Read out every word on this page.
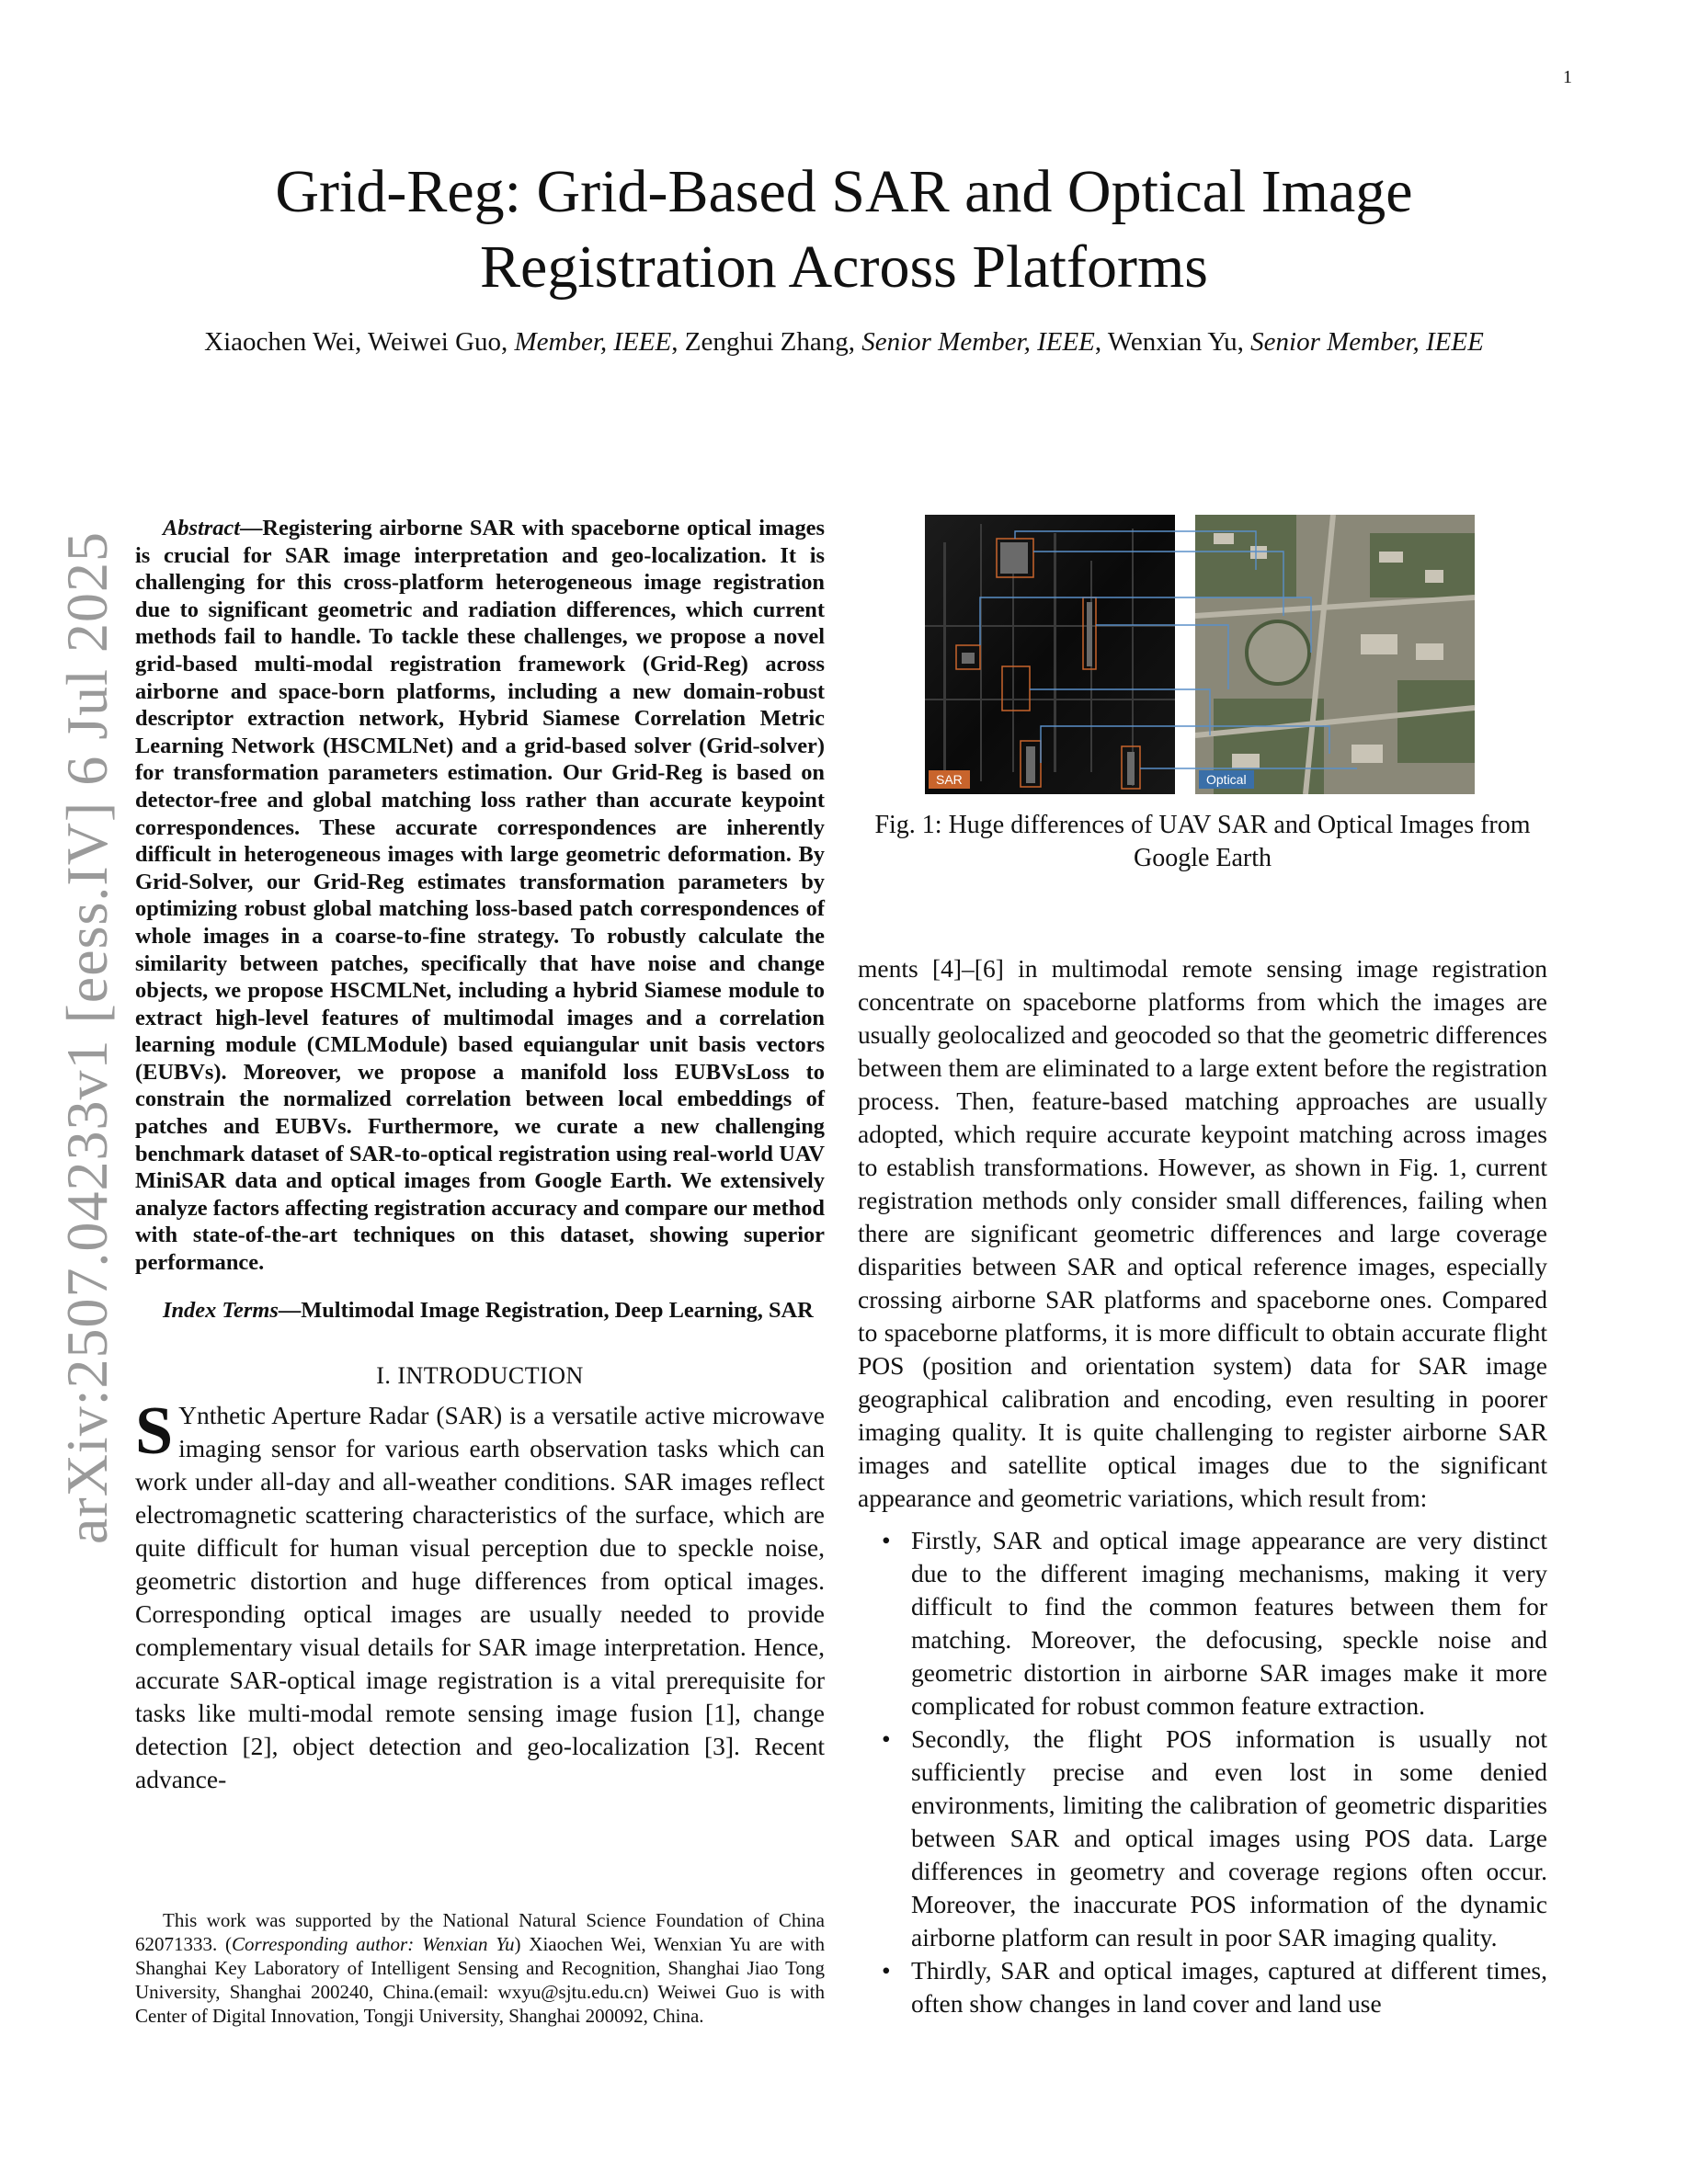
1
arXiv:2507.04233v1 [eess.IV] 6 Jul 2025
Grid-Reg: Grid-Based SAR and Optical Image
Registration Across Platforms
Xiaochen Wei, Weiwei Guo, Member, IEEE, Zenghui Zhang, Senior Member, IEEE, Wenxian Yu, Senior Member, IEEE

Abstract—Registering airborne SAR with spaceborne optical images is crucial for SAR image interpretation and geo-localization. It is challenging for this cross-platform heterogeneous image registration due to significant geometric and radiation differences, which current methods fail to handle. To tackle these challenges, we propose a novel grid-based multi-modal registration framework (Grid-Reg) across airborne and space-born platforms, including a new domain-robust descriptor extraction network, Hybrid Siamese Correlation Metric Learning Network (HSCMLNet) and a grid-based solver (Grid-solver) for transformation parameters estimation. Our Grid-Reg is based on detector-free and global matching loss rather than accurate keypoint correspondences. These accurate correspondences are inherently difficult in heterogeneous images with large geometric deformation. By Grid-Solver, our Grid-Reg estimates transformation parameters by optimizing robust global matching loss-based patch correspondences of whole images in a coarse-to-fine strategy. To robustly calculate the similarity between patches, specifically that have noise and change objects, we propose HSCMLNet, including a hybrid Siamese module to extract high-level features of multimodal images and a correlation learning module (CMLModule) based equiangular unit basis vectors (EUBVs). Moreover, we propose a manifold loss EUBVsLoss to constrain the normalized correlation between local embeddings of patches and EUBVs. Furthermore, we curate a new challenging benchmark dataset of SAR-to-optical registration using real-world UAV MiniSAR data and optical images from Google Earth. We extensively analyze factors affecting registration accuracy and compare our method with state-of-the-art techniques on this dataset, showing superior performance.

Index Terms—Multimodal Image Registration, Deep Learning, SAR

I. INTRODUCTION

S Ynthetic Aperture Radar (SAR) is a versatile active microwave imaging sensor for various earth observation tasks which can work under all-day and all-weather conditions. SAR images reflect electromagnetic scattering characteristics of the surface, which are quite difficult for human visual perception due to speckle noise, geometric distortion and huge differences from optical images. Corresponding optical images are usually needed to provide complementary visual details for SAR image interpretation. Hence, accurate SAR-optical image registration is a vital prerequisite for tasks like multi-modal remote sensing image fusion [1], change detection [2], object detection and geo-localization [3]. Recent advance-

This work was supported by the National Natural Science Foundation of China 62071333. (Corresponding author: Wenxian Yu) Xiaochen Wei, Wenxian Yu are with Shanghai Key Laboratory of Intelligent Sensing and Recognition, Shanghai Jiao Tong University, Shanghai 200240, China.(email: wxyu@sjtu.edu.cn) Weiwei Guo is with Center of Digital Innovation, Tongji University, Shanghai 200092, China.

SAR	Optical
Fig. 1: Huge differences of UAV SAR and Optical Images from Google Earth

ments [4]–[6] in multimodal remote sensing image registration concentrate on spaceborne platforms from which the images are usually geolocalized and geocoded so that the geometric differences between them are eliminated to a large extent before the registration process. Then, feature-based matching approaches are usually adopted, which require accurate keypoint matching across images to establish transformations. However, as shown in Fig. 1, current registration methods only consider small differences, failing when there are significant geometric differences and large coverage disparities between SAR and optical reference images, especially crossing airborne SAR platforms and spaceborne ones. Compared to spaceborne platforms, it is more difficult to obtain accurate flight POS (position and orientation system) data for SAR image geographical calibration and encoding, even resulting in poorer imaging quality. It is quite challenging to register airborne SAR images and satellite optical images due to the significant appearance and geometric variations, which result from:

• Firstly, SAR and optical image appearance are very distinct due to the different imaging mechanisms, making it very difficult to find the common features between them for matching. Moreover, the defocusing, speckle noise and geometric distortion in airborne SAR images make it more complicated for robust common feature extraction.
• Secondly, the flight POS information is usually not sufficiently precise and even lost in some denied environments, limiting the calibration of geometric disparities between SAR and optical images using POS data. Large differences in geometry and coverage regions often occur. Moreover, the inaccurate POS information of the dynamic airborne platform can result in poor SAR imaging quality.
• Thirdly, SAR and optical images, captured at different times, often show changes in land cover and land use
